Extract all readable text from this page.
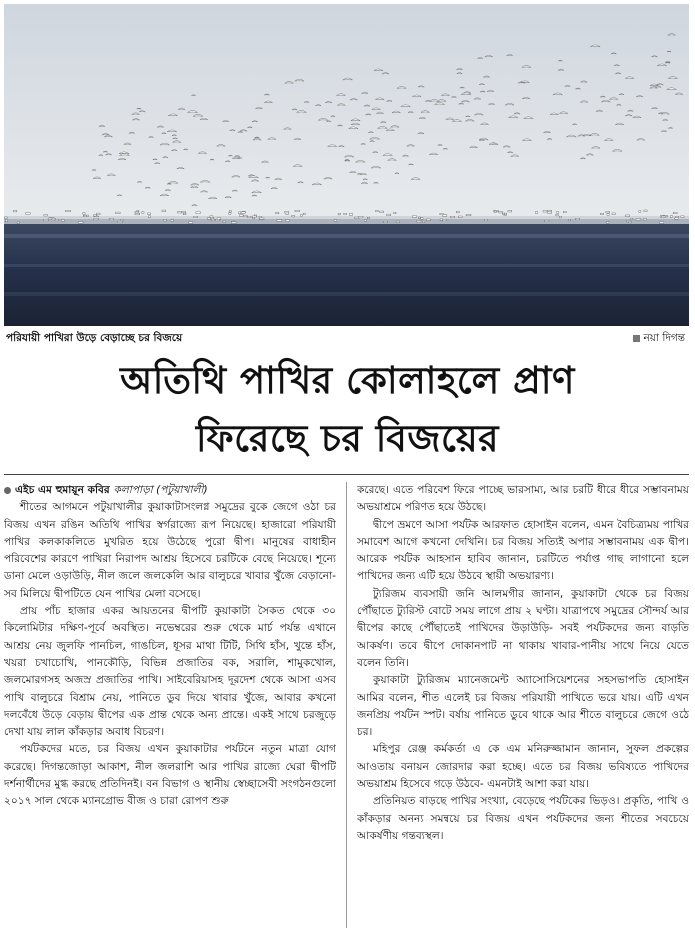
পরিযায়ী পাখিরা উড়ে বেড়াচ্ছে চর বিজয়ে	নয়া দিগন্ত
অতিথি পাখির কোলাহলে প্রাণ
ফিরেছে চর বিজয়ের
এইচ এম হুমায়ূন কবির কলাপাড়া (পটুয়াখালী)

শীতের আগমনে পটুয়াখালীর কুয়াকাটাসংলগ্ন সমুদ্রের বুকে জেগে ওঠা চর বিজয় এখন রঙিন অতিথি পাখির স্বর্গরাজ্যে রূপ নিয়েছে। হাজারো পরিযায়ী পাখির কলকাকলিতে মুখরিত হয়ে উঠেছে পুরো দ্বীপ। মানুষের বাধাহীন পরিবেশের কারণে পাখিরা নিরাপদ আশ্রয় হিসেবে চরটিকে বেছে নিয়েছে। শূন্যে ডানা মেলে ওড়াউড়ি, নীল জলে জলকেলি আর বালুচরে খাবার খুঁজে বেড়ানো- সব মিলিয়ে দ্বীপটিতে যেন পাখির মেলা বসেছে।

প্রায় পাঁচ হাজার একর আয়তনের দ্বীপটি কুয়াকাটা সৈকত থেকে ৩০ কিলোমিটার দক্ষিণ-পূর্বে অবস্থিত। নভেম্বরের শুরু থেকে মার্চ পর্যন্ত এখানে আশ্রয় নেয় জুলফি পানচিল, গাঙচিল, ধূসর মাথা টিটি, সিথি হাঁস, খুন্তে হাঁস, খয়রা চখাচোখি, পানকৌড়ি, বিভিন্ন প্রজাতির বক, সরালি, শামুকখোল, জলমোরগসহ অজস্র প্রজাতির পাখি। সাইবেরিয়াসহ দূরদেশ থেকে আসা এসব পাখি বালুচরে বিশ্রাম নেয়, পানিতে ডুব দিয়ে খাবার খুঁজে, আবার কখনো দলবেঁধে উড়ে বেড়ায় দ্বীপের এক প্রান্ত থেকে অন্য প্রান্তে। একই সাথে চরজুড়ে দেখা যায় লাল কাঁকড়ার অবাধ বিচরণ।

পর্যটকদের মতে, চর বিজয় এখন কুয়াকাটার পর্যটনে নতুন মাত্রা যোগ করেছে। দিগন্তজোড়া আকাশ, নীল জলরাশি আর পাখির রাজ্যে ঘেরা দ্বীপটি দর্শনার্থীদের মুগ্ধ করছে প্রতিদিনই। বন বিভাগ ও স্থানীয় স্বেচ্ছাসেবী সংগঠনগুলো ২০১৭ সাল থেকে ম্যানগ্রোভ বীজ ও চারা রোপণ শুরু

করেছে। এতে পরিবেশ ফিরে পাচ্ছে ভারসাম্য, আর চরটি ধীরে ধীরে সম্ভাবনাময় অভয়াশ্রমে পরিণত হয়ে উঠছে।

দ্বীপে ভ্রমণে আসা পর্যটক আরফাত হোসাইন বলেন, এমন বৈচিত্র্যময় পাখির সমাবেশ আগে কখনো দেখিনি। চর বিজয় সত্যিই অপার সম্ভাবনাময় এক দ্বীপ। আরেক পর্যটক আহসান হাবিব জানান, চরটিতে পর্যাপ্ত গাছ লাগানো হলে পাখিদের জন্য এটি হয়ে উঠবে স্থায়ী অভয়ারণ্য।

ট্যুরিজম ব্যবসায়ী জনি আলমগীর জানান, কুয়াকাটা থেকে চর বিজয় পৌঁছাতে ট্যুরিস্ট বোটে সময় লাগে প্রায় ২ ঘণ্টা। যাত্রাপথে সমুদ্রের সৌন্দর্য আর দ্বীপের কাছে পৌঁছাতেই পাখিদের উড়াউড়ি- সবই পর্যটকদের জন্য বাড়তি আকর্ষণ। তবে দ্বীপে দোকানপাট না থাকায় খাবার-পানীয় সাথে নিয়ে যেতে বলেন তিনি।

কুয়াকাটা ট্যুরিজম ম্যানেজমেন্ট অ্যাসোসিয়েশনের সহসভাপতি হোসাইন আমির বলেন, শীত এলেই চর বিজয় পরিযায়ী পাখিতে ভরে যায়। এটি এখন জনপ্রিয় পর্যটন স্পট। বর্ষায় পানিতে ডুবে থাকে আর শীতে বালুচরে জেগে ওঠে চর।

মহিপুর রেঞ্জ কর্মকর্তা এ কে এম মনিরুজ্জামান জানান, সুফল প্রকল্পের আওতায় বনায়ন জোরদার করা হচ্ছে। এতে চর বিজয় ভবিষ্যতে পাখিদের অভয়াশ্রম হিসেবে গড়ে উঠবে- এমনটাই আশা করা যায়।

প্রতিনিয়ত বাড়ছে পাখির সংখ্যা, বেড়েছে পর্যটকের ভিড়ও। প্রকৃতি, পাখি ও কাঁকড়ার অনন্য সমন্বয়ে চর বিজয় এখন পর্যটকদের জন্য শীতের সবচেয়ে আকর্ষণীয় গন্তব্যস্থল।
